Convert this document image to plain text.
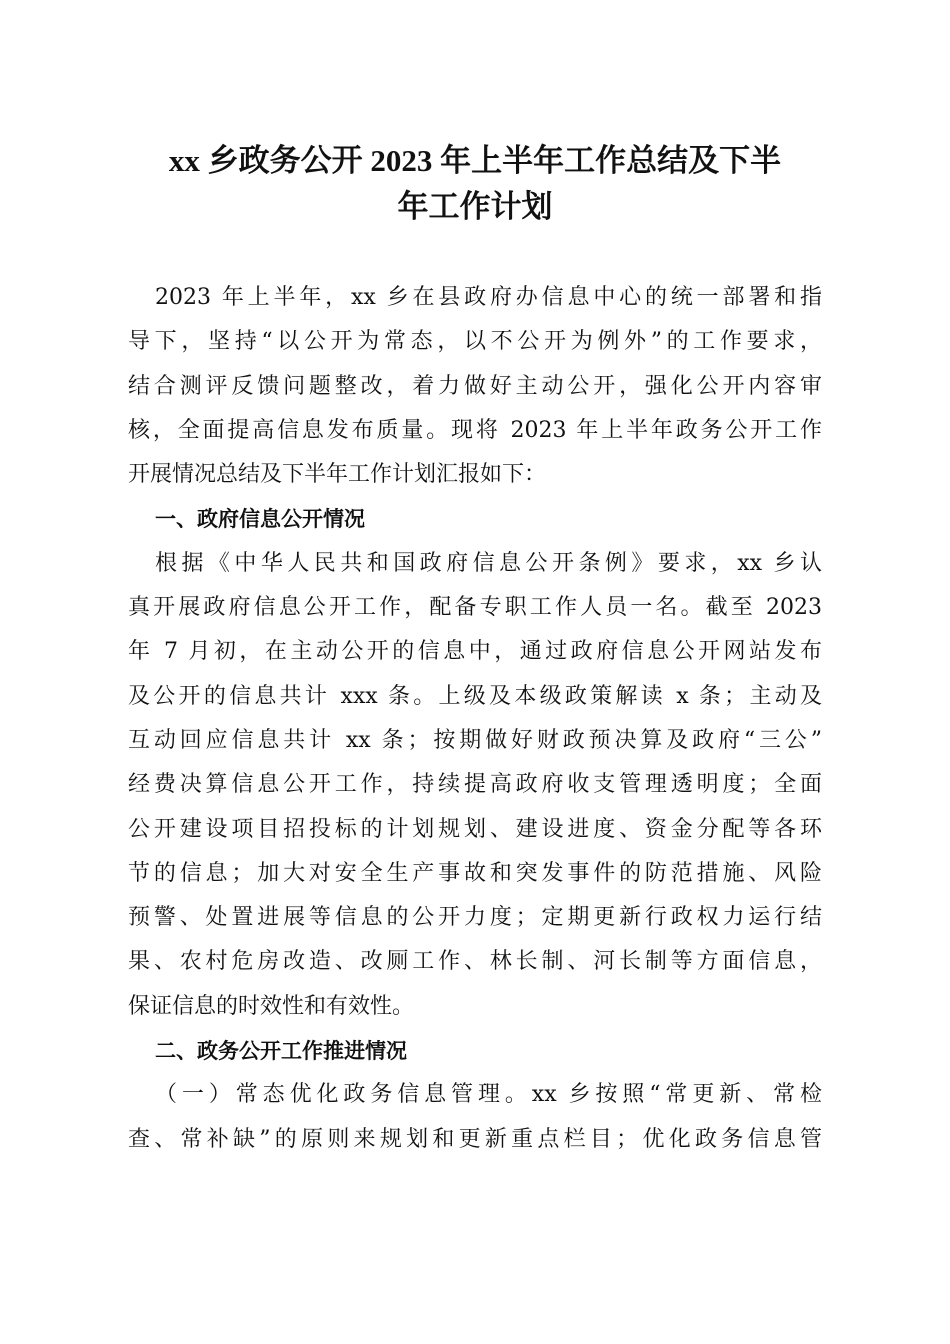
xx 乡政务公开 2023 年上半年工作总结及下半
年工作计划
2023 年上半年，xx 乡在县政府办信息中心的统一部署和指
导下，坚持“以公开为常态，以不公开为例外”的工作要求，
结合测评反馈问题整改，着力做好主动公开，强化公开内容审
核，全面提高信息发布质量。现将 2023 年上半年政务公开工作
开展情况总结及下半年工作计划汇报如下：
一、政府信息公开情况
根据《中华人民共和国政府信息公开条例》要求，xx 乡认
真开展政府信息公开工作，配备专职工作人员一名。截至 2023
年 7 月初，在主动公开的信息中，通过政府信息公开网站发布
及公开的信息共计 xxx 条。上级及本级政策解读 x 条；主动及
互动回应信息共计 xx 条；按期做好财政预决算及政府“三公”
经费决算信息公开工作，持续提高政府收支管理透明度；全面
公开建设项目招投标的计划规划、建设进度、资金分配等各环
节的信息；加大对安全生产事故和突发事件的防范措施、风险
预警、处置进展等信息的公开力度；定期更新行政权力运行结
果、农村危房改造、改厕工作、林长制、河长制等方面信息，
保证信息的时效性和有效性。
二、政务公开工作推进情况
（一）常态优化政务信息管理。xx 乡按照“常更新、常检
查、常补缺”的原则来规划和更新重点栏目；优化政务信息管
